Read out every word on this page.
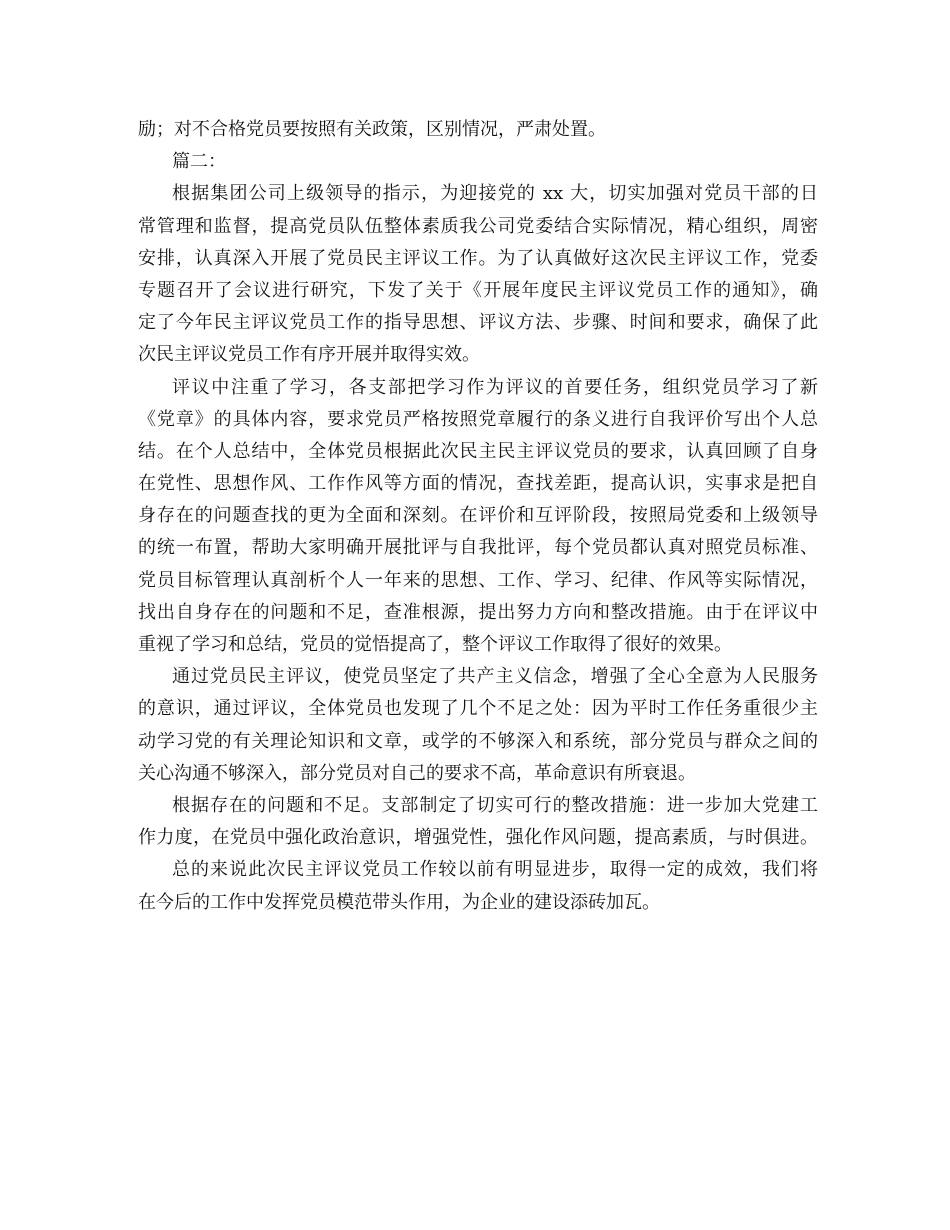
励；对不合格党员要按照有关政策，区别情况，严肃处置。
篇二：
根据集团公司上级领导的指示，为迎接党的 xx 大，切实加强对党员干部的日
常管理和监督，提高党员队伍整体素质我公司党委结合实际情况，精心组织，周密
安排，认真深入开展了党员民主评议工作。为了认真做好这次民主评议工作，党委
专题召开了会议进行研究，下发了关于《开展年度民主评议党员工作的通知》，确
定了今年民主评议党员工作的指导思想、评议方法、步骤、时间和要求，确保了此
次民主评议党员工作有序开展并取得实效。
评议中注重了学习，各支部把学习作为评议的首要任务，组织党员学习了新
《党章》的具体内容，要求党员严格按照党章履行的条义进行自我评价写出个人总
结。在个人总结中，全体党员根据此次民主民主评议党员的要求，认真回顾了自身
在党性、思想作风、工作作风等方面的情况，查找差距，提高认识，实事求是把自
身存在的问题查找的更为全面和深刻。在评价和互评阶段，按照局党委和上级领导
的统一布置，帮助大家明确开展批评与自我批评，每个党员都认真对照党员标准、
党员目标管理认真剖析个人一年来的思想、工作、学习、纪律、作风等实际情况，
找出自身存在的问题和不足，查准根源，提出努力方向和整改措施。由于在评议中
重视了学习和总结，党员的觉悟提高了，整个评议工作取得了很好的效果。
通过党员民主评议，使党员坚定了共产主义信念，增强了全心全意为人民服务
的意识，通过评议，全体党员也发现了几个不足之处：因为平时工作任务重很少主
动学习党的有关理论知识和文章，或学的不够深入和系统，部分党员与群众之间的
关心沟通不够深入，部分党员对自己的要求不高，革命意识有所衰退。
根据存在的问题和不足。支部制定了切实可行的整改措施：进一步加大党建工
作力度，在党员中强化政治意识，增强党性，强化作风问题，提高素质，与时俱进。
总的来说此次民主评议党员工作较以前有明显进步，取得一定的成效，我们将
在今后的工作中发挥党员模范带头作用，为企业的建设添砖加瓦。
